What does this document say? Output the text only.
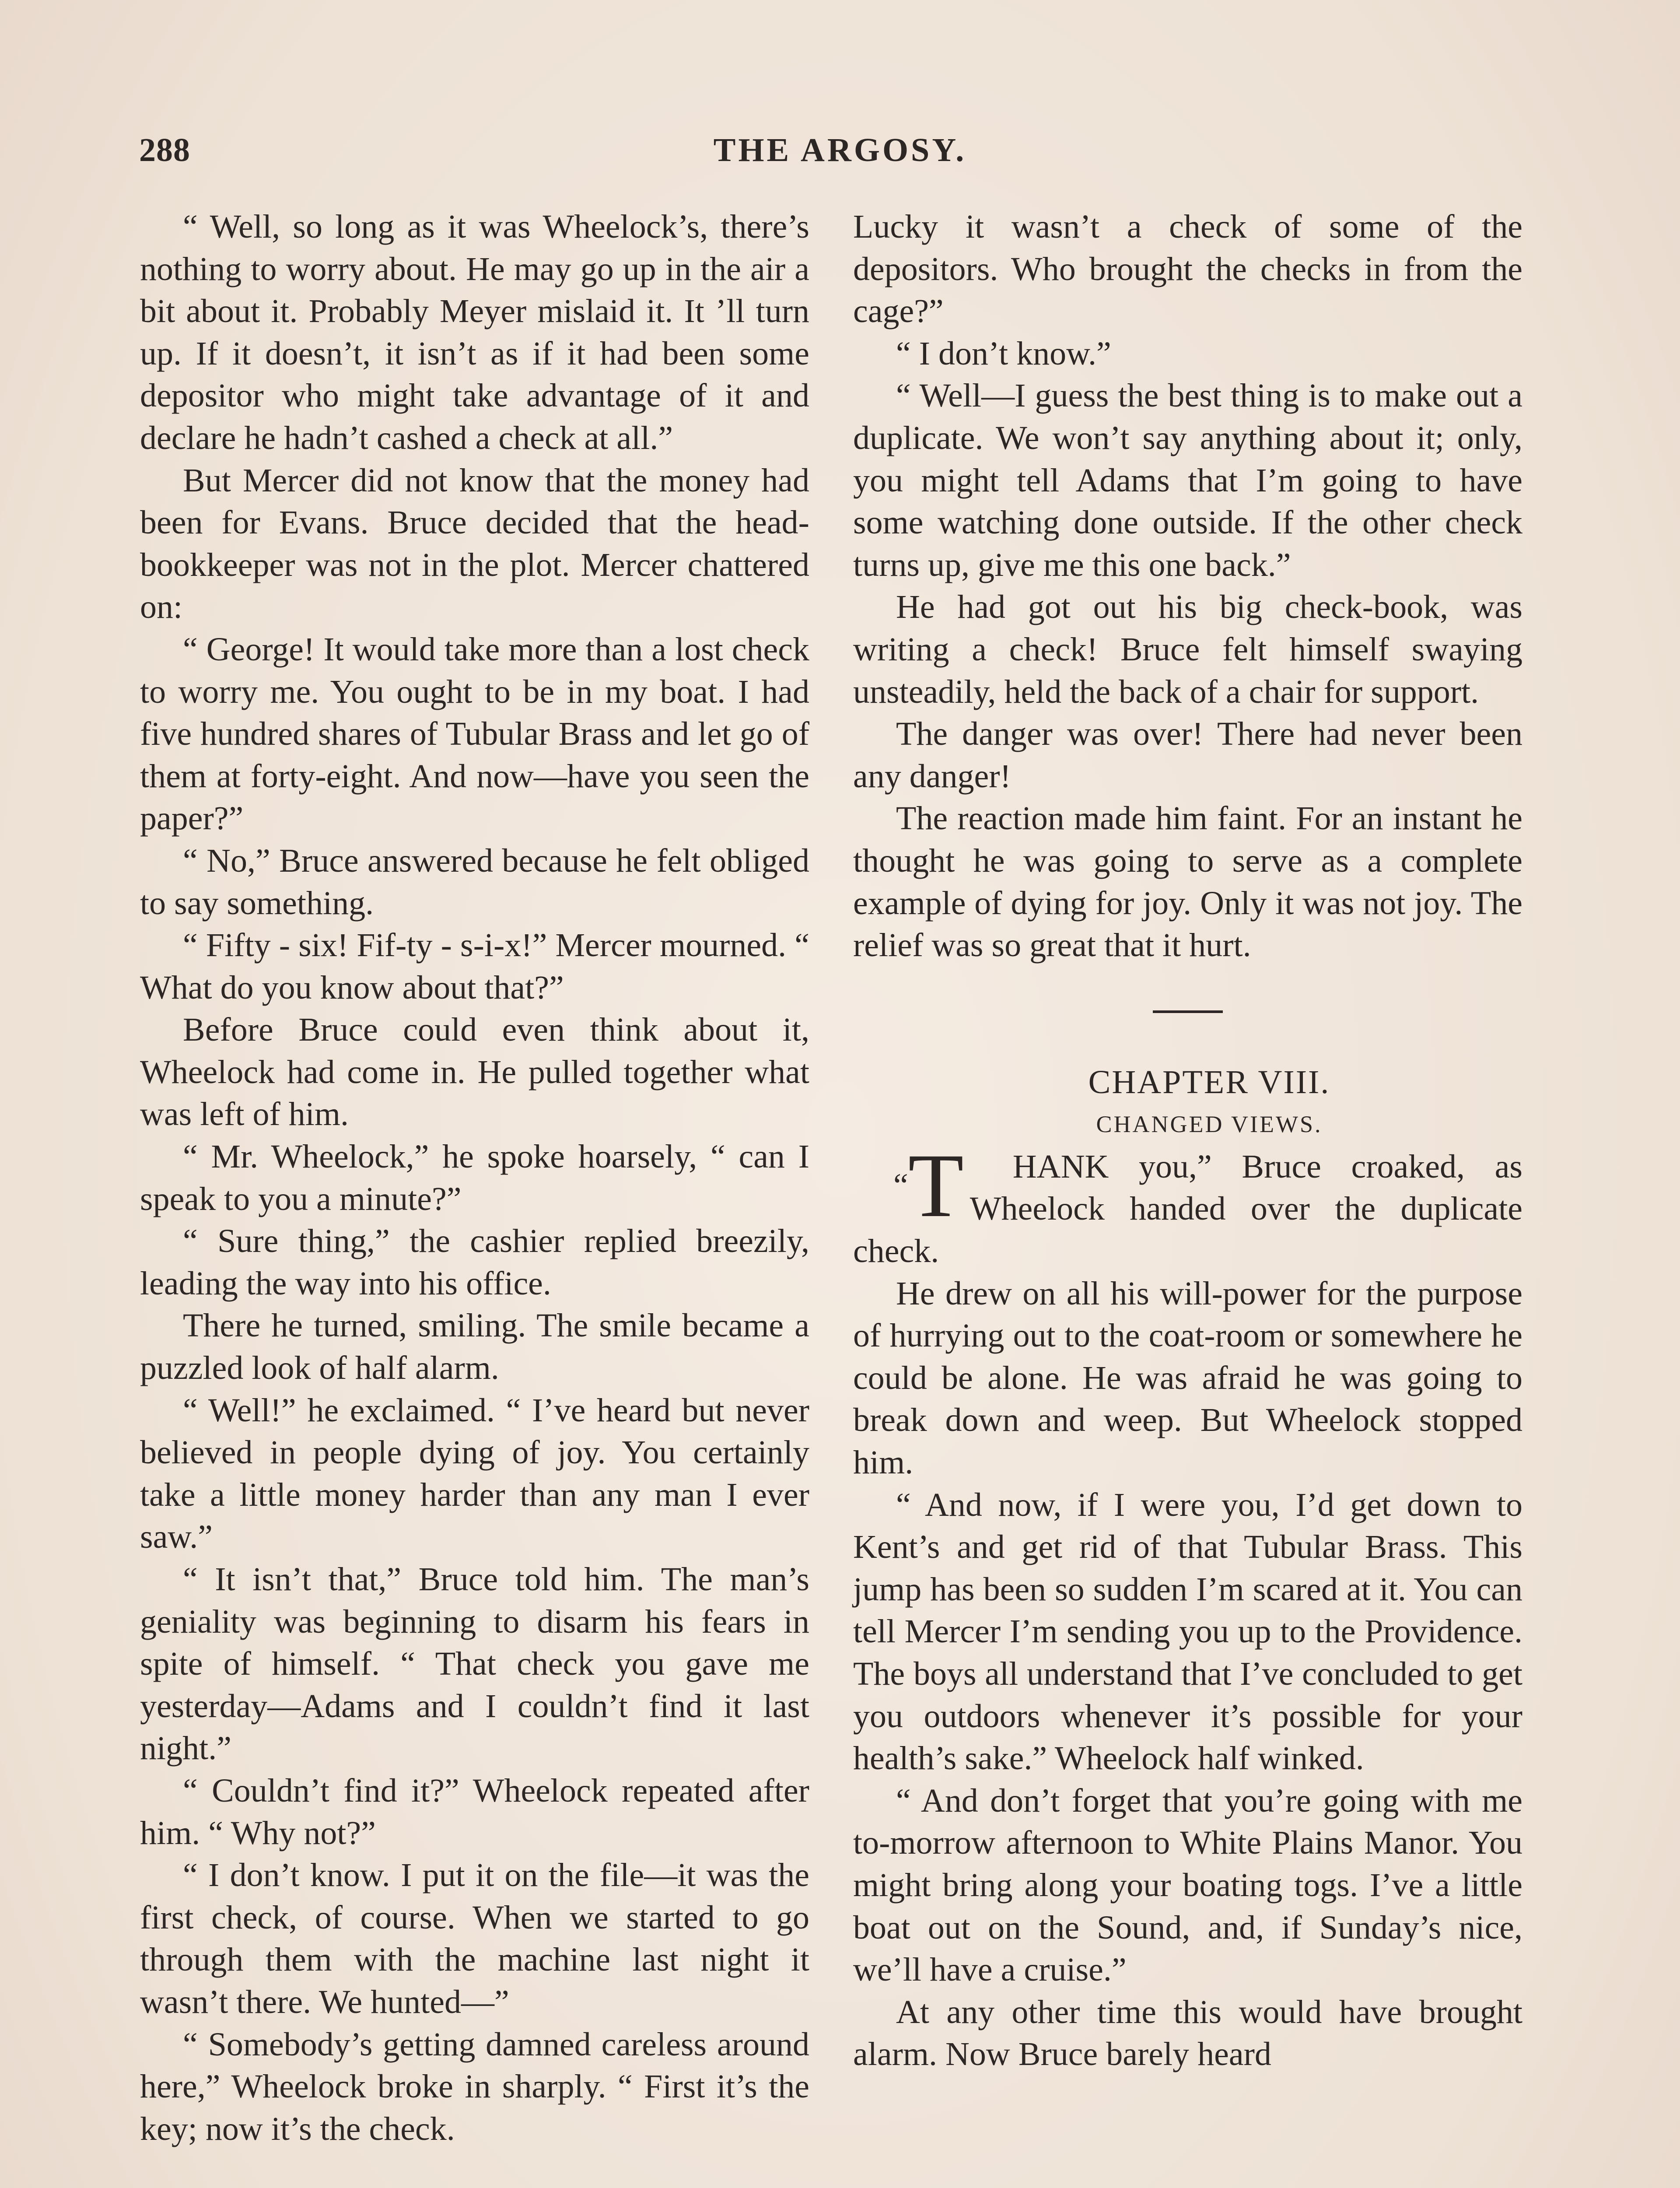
288	THE ARGOSY.

“ Well, so long as it was Wheelock’s, there’s nothing to worry about. He may go up in the air a bit about it. Probably Meyer mislaid it. It ’ll turn up. If it doesn’t, it isn’t as if it had been some depositor who might take advantage of it and declare he hadn’t cashed a check at all.”

But Mercer did not know that the money had been for Evans. Bruce decided that the head-bookkeeper was not in the plot. Mercer chattered on:

“ George! It would take more than a lost check to worry me. You ought to be in my boat. I had five hundred shares of Tubular Brass and let go of them at forty-eight. And now—have you seen the paper?”

“ No,” Bruce answered because he felt obliged to say something.

“ Fifty - six! Fif-ty - s-i-x!” Mercer mourned. “ What do you know about that?”

Before Bruce could even think about it, Wheelock had come in. He pulled together what was left of him.

“ Mr. Wheelock,” he spoke hoarsely, “ can I speak to you a minute?”

“ Sure thing,” the cashier replied breezily, leading the way into his office.

There he turned, smiling. The smile became a puzzled look of half alarm.

“ Well!” he exclaimed. “ I’ve heard but never believed in people dying of joy. You certainly take a little money harder than any man I ever saw.”

“ It isn’t that,” Bruce told him. The man’s geniality was beginning to disarm his fears in spite of himself. “ That check you gave me yesterday—Adams and I couldn’t find it last night.”

“ Couldn’t find it?” Wheelock repeated after him. “ Why not?”

“ I don’t know. I put it on the file—it was the first check, of course. When we started to go through them with the machine last night it wasn’t there. We hunted—”

“ Somebody’s getting damned careless around here,” Wheelock broke in sharply. “ First it’s the key; now it’s the check.

Lucky it wasn’t a check of some of the depositors. Who brought the checks in from the cage?”

“ I don’t know.”

“ Well—I guess the best thing is to make out a duplicate. We won’t say anything about it; only, you might tell Adams that I’m going to have some watching done outside. If the other check turns up, give me this one back.”

He had got out his big check-book, was writing a check! Bruce felt himself swaying unsteadily, held the back of a chair for support.

The danger was over! There had never been any danger!

The reaction made him faint. For an instant he thought he was going to serve as a complete example of dying for joy. Only it was not joy. The relief was so great that it hurt.

CHAPTER VIII.

CHANGED VIEWS.

“T HANK you,” Bruce croaked, as Wheelock handed over the duplicate check.

He drew on all his will-power for the purpose of hurrying out to the coat-room or somewhere he could be alone. He was afraid he was going to break down and weep. But Wheelock stopped him.

“ And now, if I were you, I’d get down to Kent’s and get rid of that Tubular Brass. This jump has been so sudden I’m scared at it. You can tell Mercer I’m sending you up to the Providence. The boys all understand that I’ve concluded to get you outdoors whenever it’s possible for your health’s sake.” Wheelock half winked.

“ And don’t forget that you’re going with me to-morrow afternoon to White Plains Manor. You might bring along your boating togs. I’ve a little boat out on the Sound, and, if Sunday’s nice, we’ll have a cruise.”

At any other time this would have brought alarm. Now Bruce barely heard
